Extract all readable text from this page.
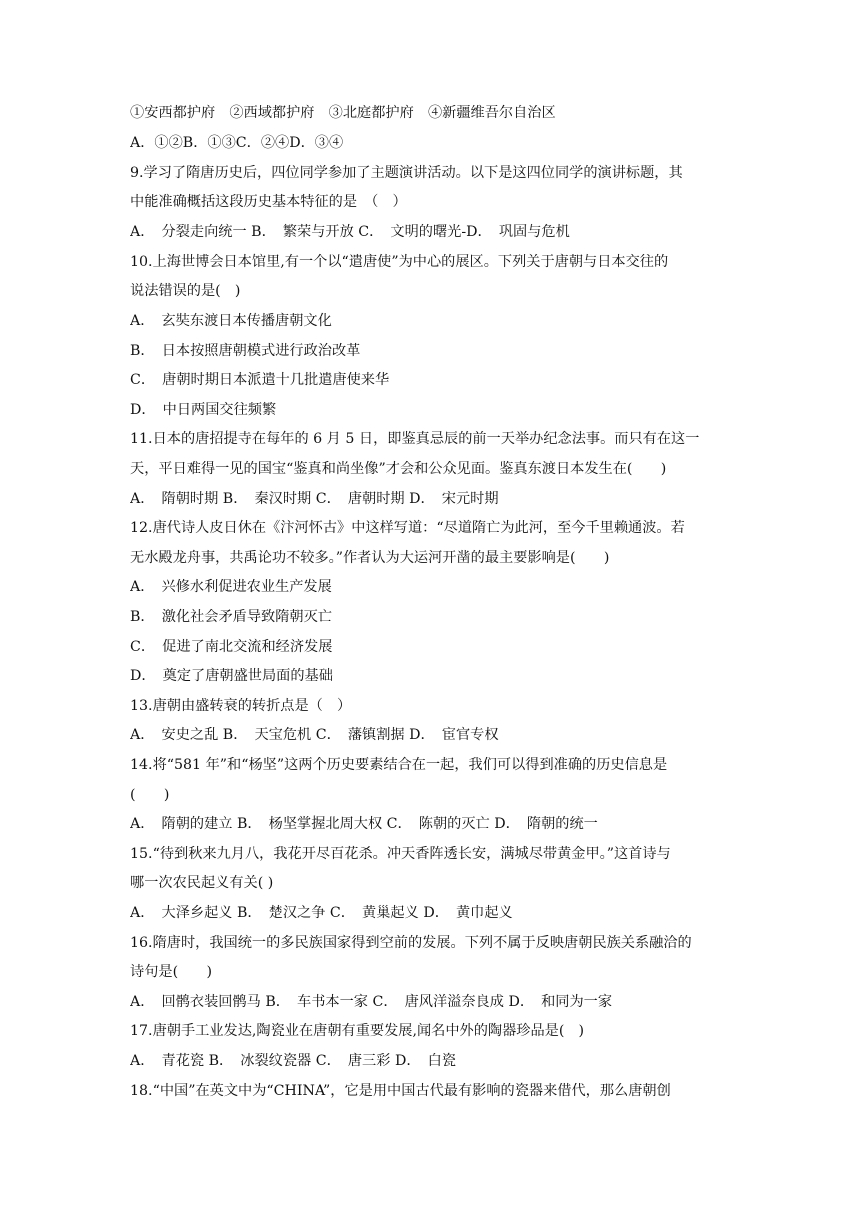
①安西都护府　②西域都护府　③北庭都护府　④新疆维吾尔自治区
A．①②B．①③C．②④D．③④
9.学习了隋唐历史后，四位同学参加了主题演讲活动。以下是这四位同学的演讲标题，其
中能准确概括这段历史基本特征的是　（　）
A．　分裂走向统一 B．　繁荣与开放 C．　文明的曙光-D．　巩固与危机
10.上海世博会日本馆里,有一个以“遣唐使”为中心的展区。下列关于唐朝与日本交往的
说法错误的是(　)
A．　玄奘东渡日本传播唐朝文化
B．　日本按照唐朝模式进行政治改革
C．　唐朝时期日本派遣十几批遣唐使来华
D．　中日两国交往频繁
11.日本的唐招提寺在每年的 6 月 5 日，即鉴真忌辰的前一天举办纪念法事。而只有在这一
天，平日难得一见的国宝“鉴真和尚坐像”才会和公众见面。鉴真东渡日本发生在(　　)
A．　隋朝时期 B．　秦汉时期 C．　唐朝时期 D．　宋元时期
12.唐代诗人皮日休在《汴河怀古》中这样写道：“尽道隋亡为此河，至今千里赖通波。若
无水殿龙舟事，共禹论功不较多。”作者认为大运河开凿的最主要影响是(　　)
A．　兴修水利促进农业生产发展
B．　激化社会矛盾导致隋朝灭亡
C．　促进了南北交流和经济发展
D．　奠定了唐朝盛世局面的基础
13.唐朝由盛转衰的转折点是（　）
A．　安史之乱 B．　天宝危机 C．　藩镇割据 D．　宦官专权
14.将“581 年”和“杨坚”这两个历史要素结合在一起，我们可以得到准确的历史信息是
(　　)
A．　隋朝的建立 B．　杨坚掌握北周大权 C．　陈朝的灭亡 D．　隋朝的统一
15.“待到秋来九月八，我花开尽百花杀。冲天香阵透长安，满城尽带黄金甲。”这首诗与
哪一次农民起义有关( )
A．　大泽乡起义 B．　楚汉之争 C．　黄巢起义 D．　黄巾起义
16.隋唐时，我国统一的多民族国家得到空前的发展。下列不属于反映唐朝民族关系融洽的
诗句是(　　)
A．　回鹘衣装回鹘马 B．　车书本一家 C．　唐风洋溢奈良成 D．　和同为一家
17.唐朝手工业发达,陶瓷业在唐朝有重要发展,闻名中外的陶器珍品是(　)
A．　青花瓷 B．　冰裂纹瓷器 C．　唐三彩 D．　白瓷
18.“中国”在英文中为“CHINA”，它是用中国古代最有影响的瓷器来借代，那么唐朝创
